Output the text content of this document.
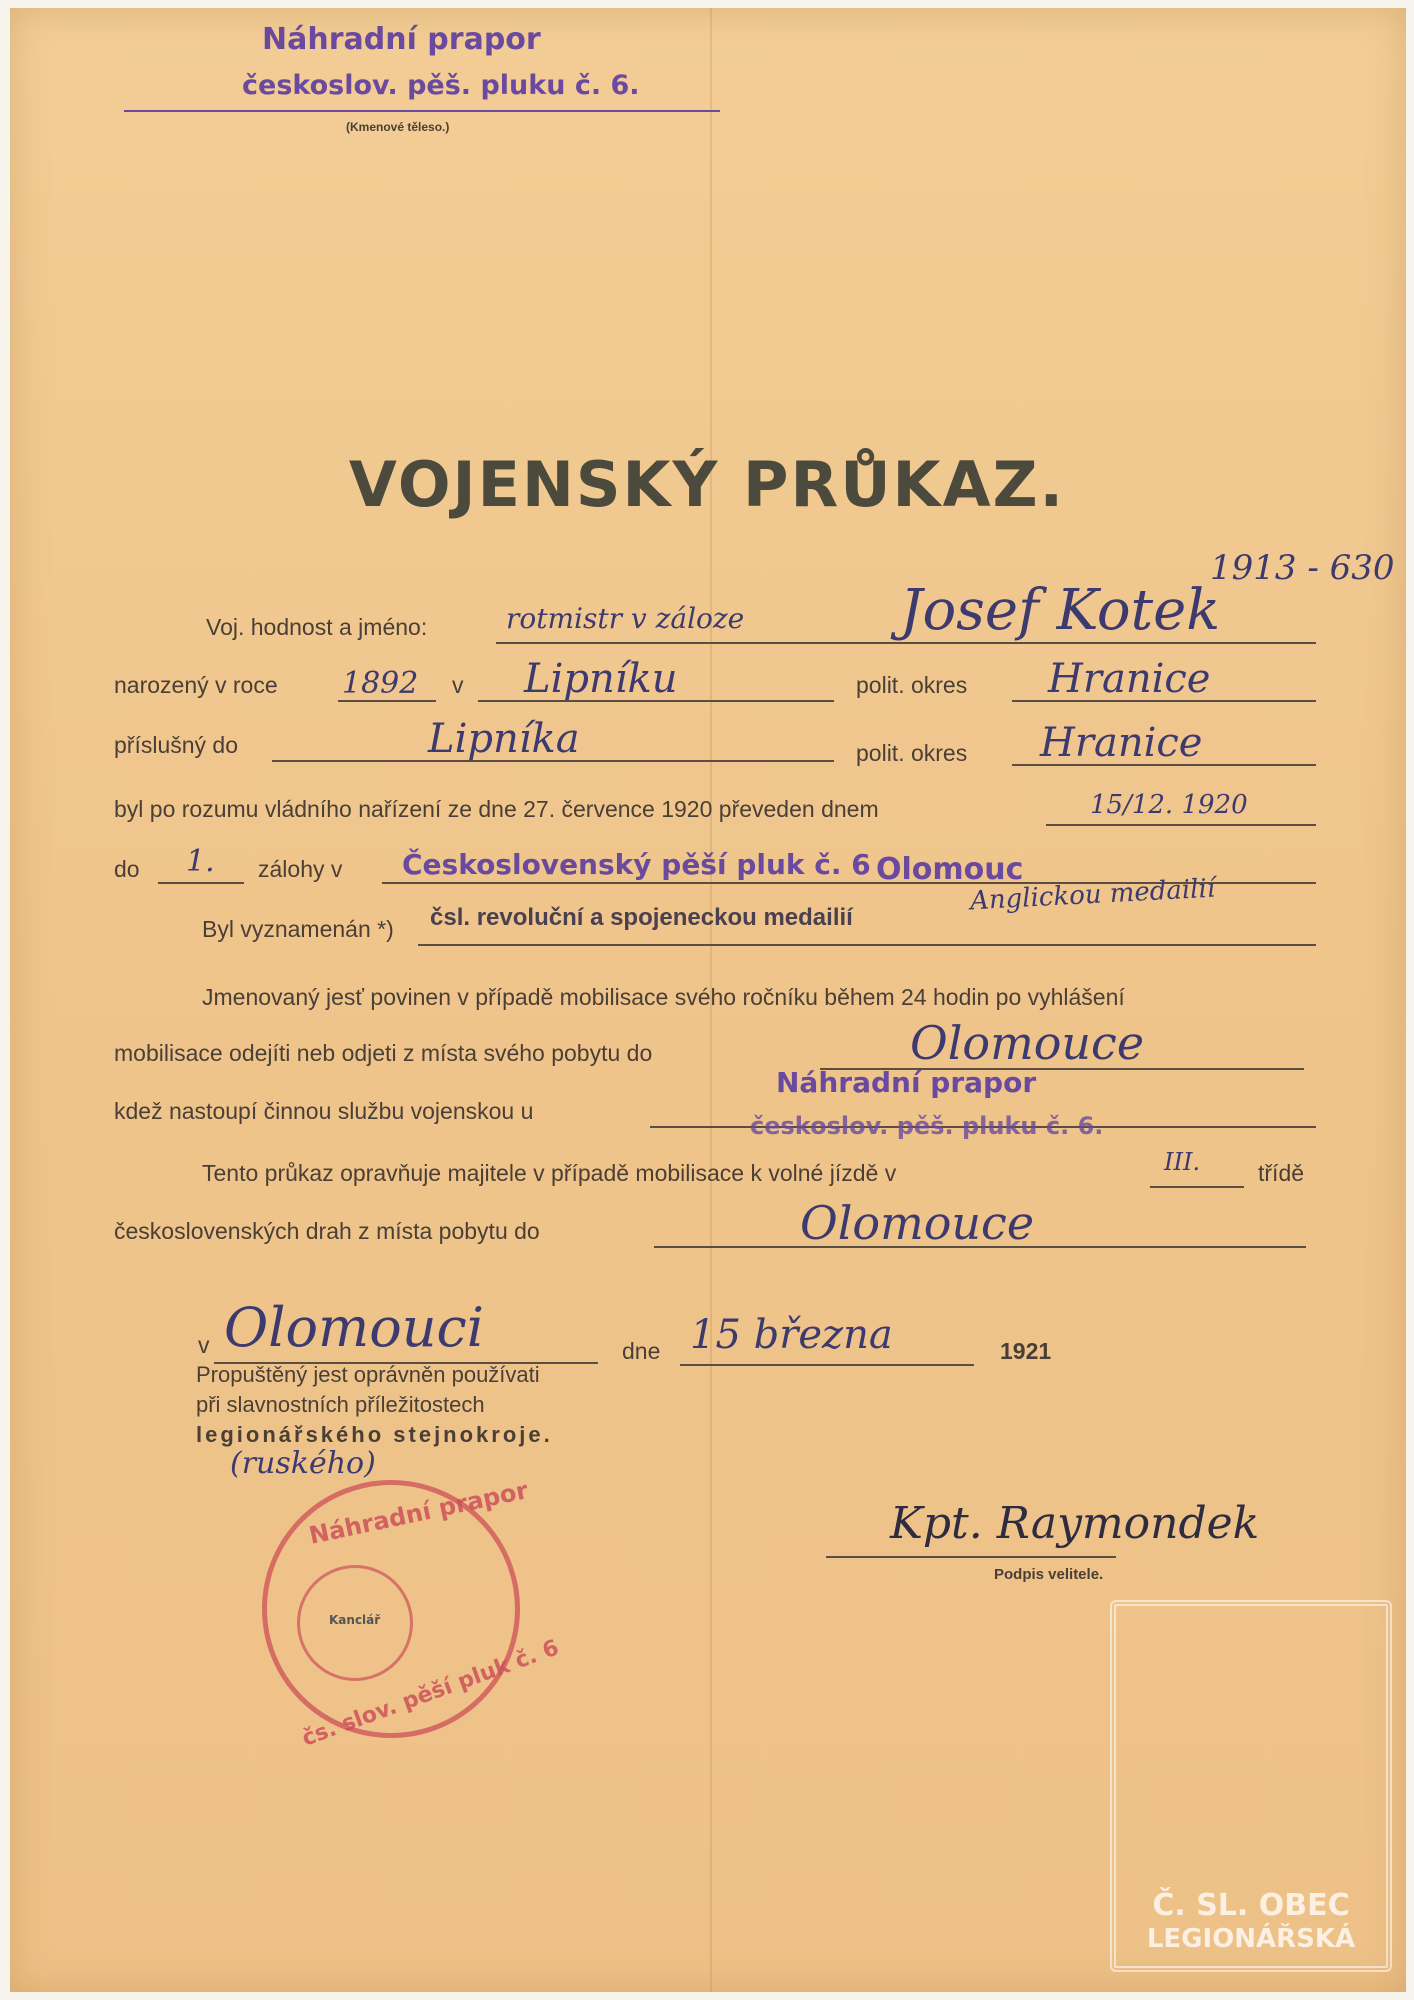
Náhradní prapor
českoslov. pěš. pluku č. 6.
(Kmenové těleso.)
1913 - 630
VOJENSKÝ PRŮKAZ.
Voj. hodnost a jméno:	rotmistr v záloze	Josef Kotek
narozený v roce 1892 v Lipníku	polit. okres Hranice
příslušný do	Lipníka	polit. okres Hranice
byl po rozumu vládního nařízení ze dne 27. července 1920 převeden dnem	15/12. 1920
do 1. zálohy v Československý pěší pluk č. 6 Olomouc
Byl vyznamenán *) čsl. revoluční a spojeneckou medailií
Anglickou medailií
Jmenovaný jesť povinen v případě mobilisace svého ročníku během 24 hodin po vyhlášení
mobilisace odejíti neb odjeti z místa svého pobytu do	Olomouce
kdež nastoupí činnou službu vojenskou u
Náhradní prapor
českoslov. pěš. pluku č. 6.
Tento průkaz opravňuje majitele v případě mobilisace k volné jízdě v	III.	třídě
československých drah z místa pobytu do	Olomouce
v Olomouci	dne 15 března	1921
Propuštěný jest oprávněn používati
při slavnostních příležitostech
legionářského stejnokroje.
(ruského)
Náhradní prapor
čs. slov. pěší pluk č. 6
Kanclář
Kpt. Raymondek
Podpis velitele.
Č. SL. OBEC
LEGIONÁŘSKÁ
